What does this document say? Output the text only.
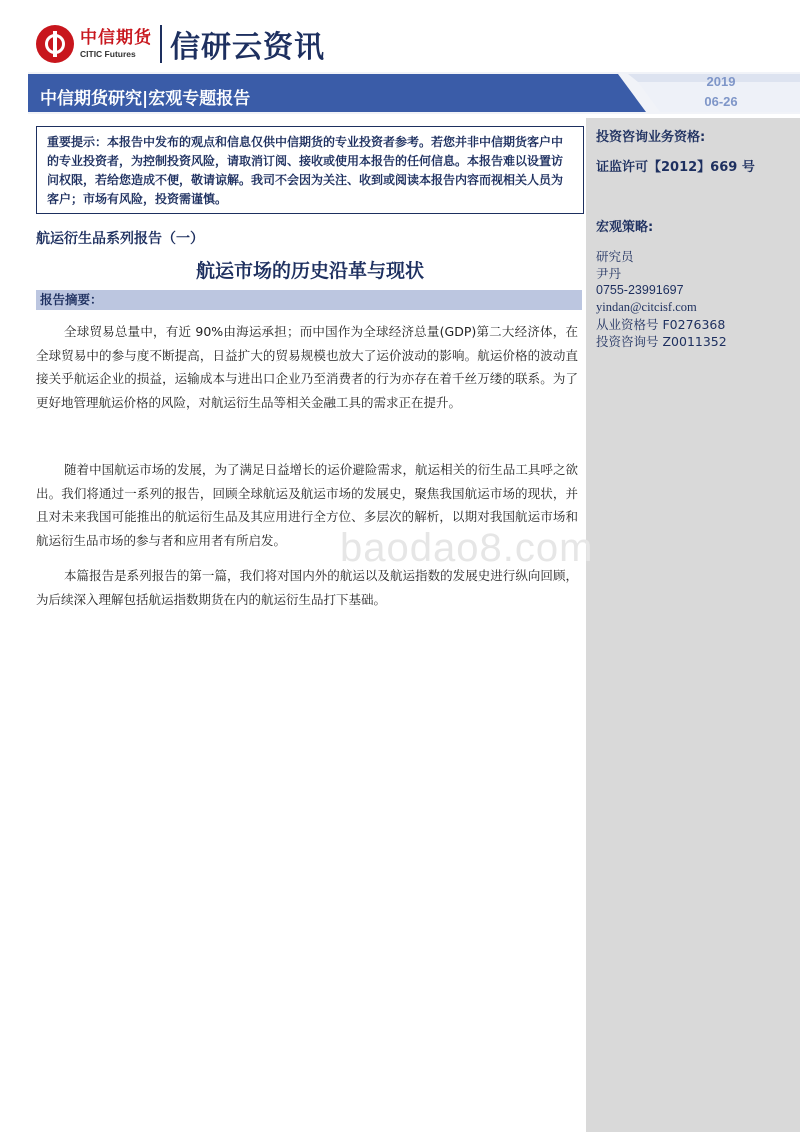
中信期货
CITIC Futures	信研云资讯
中信期货研究|宏观专题报告
2019
06-26
投资咨询业务资格:
证监许可【2012】669 号
宏观策略:
研究员
尹丹
0755-23991697
yindan@citcisf.com
从业资格号 F0276368
投资咨询号 Z0011352
重要提示：本报告中发布的观点和信息仅供中信期货的专业投资者参考。若您并非中信期货客户中的专业投资者，为控制投资风险，请取消订阅、接收或使用本报告的任何信息。本报告难以设置访问权限，若给您造成不便，敬请谅解。我司不会因为关注、收到或阅读本报告内容而视相关人员为客户；市场有风险，投资需谨慎。
航运衍生品系列报告（一）
航运市场的历史沿革与现状
报告摘要：
baodao8.com
全球贸易总量中，有近 90%由海运承担；而中国作为全球经济总量(GDP)第二大经济体，在全球贸易中的参与度不断提高，日益扩大的贸易规模也放大了运价波动的影响。航运价格的波动直接关乎航运企业的损益，运输成本与进出口企业乃至消费者的行为亦存在着千丝万缕的联系。为了更好地管理航运价格的风险，对航运衍生品等相关金融工具的需求正在提升。
随着中国航运市场的发展，为了满足日益增长的运价避险需求，航运相关的衍生品工具呼之欲出。我们将通过一系列的报告，回顾全球航运及航运市场的发展史，聚焦我国航运市场的现状，并且对未来我国可能推出的航运衍生品及其应用进行全方位、多层次的解析，以期对我国航运市场和航运衍生品市场的参与者和应用者有所启发。
本篇报告是系列报告的第一篇，我们将对国内外的航运以及航运指数的发展史进行纵向回顾，为后续深入理解包括航运指数期货在内的航运衍生品打下基础。
